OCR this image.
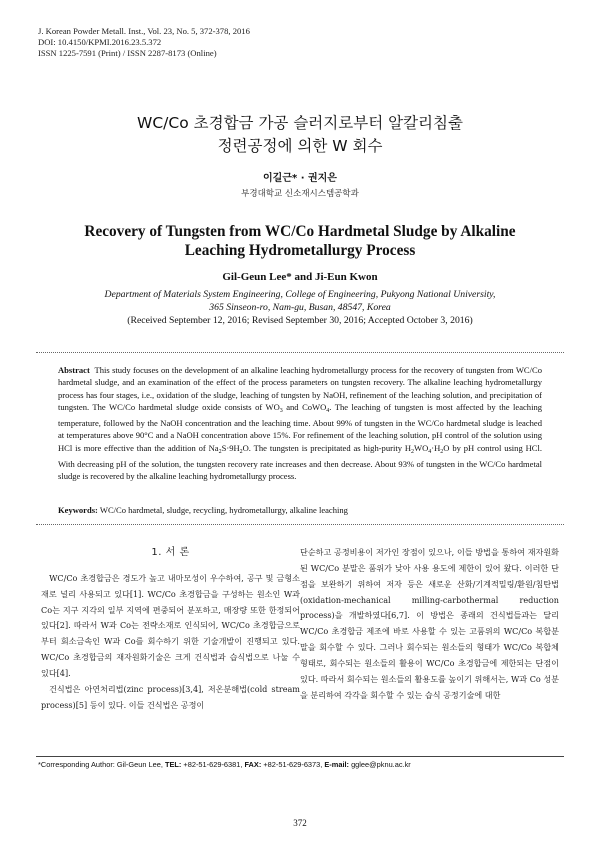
J. Korean Powder Metall. Inst., Vol. 23, No. 5, 372-378, 2016
DOI: 10.4150/KPMI.2016.23.5.372
ISSN 1225-7591 (Print) / ISSN 2287-8173 (Online)
WC/Co 초경합금 가공 슬러지로부터 알칼리침출
정련공정에 의한 W 회수
이길근* · 권지은
부경대학교 신소재시스템공학과
Recovery of Tungsten from WC/Co Hardmetal Sludge by Alkaline
Leaching Hydrometallurgy Process
Gil-Geun Lee* and Ji-Eun Kwon
Department of Materials System Engineering, College of Engineering, Pukyong National University,
365 Sinseon-ro, Nam-gu, Busan, 48547, Korea
(Received September 12, 2016; Revised September 30, 2016; Accepted October 3, 2016)
Abstract This study focuses on the development of an alkaline leaching hydrometallurgy process for the recovery of tungsten from WC/Co hardmetal sludge, and an examination of the effect of the process parameters on tungsten recovery. The alkaline leaching hydrometallurgy process has four stages, i.e., oxidation of the sludge, leaching of tungsten by NaOH, refinement of the leaching solution, and precipitation of tungsten. The WC/Co hardmetal sludge oxide consists of $WO_3$ and CoWO$_4$. The leaching of tungsten is most affected by the leaching temperature, followed by the NaOH concentration and the leaching time. About 99% of tungsten in the WC/Co hardmetal sludge is leached at temperatures above 90°C and a NaOH concentration above 15%. For refinement of the leaching solution, pH control of the solution using HCl is more effective than the addition of $Na_2S\cdot 9H_2O$. The tungsten is precipitated as high-purity $H_2WO_4\cdot H_2O$ by pH control using HCl. With decreasing pH of the solution, the tungsten recovery rate increases and then decrease. About 93% of tungsten in the WC/Co hardmetal sludge is recovered by the alkaline leaching hydrometallurgy process.
Keywords: WC/Co hardmetal, sludge, recycling, hydrometallurgy, alkaline leaching
1. 서 론

WC/Co 초경합금은 경도가 높고 내마모성이 우수하여, 공구 및 금형소재로 널리 사용되고 있다[1]. WC/Co 초경합금을 구성하는 원소인 W과 Co는 지구 지각의 일부 지역에 편중되어 분포하고, 매장량 또한 한정되어 있다[2]. 따라서 W과 Co는 전략소재로 인식되어, WC/Co 초경합금으로부터 회소금속인 W과 Co를 회수하기 위한 기술개발이 진행되고 있다. WC/Co 초경합금의 재자원화기술은 크게 건식법과 습식법으로 나눌 수 있다[4].

건식법은 아연처리법(zinc process)[3,4], 저온분해법(cold stream process)[5] 등이 있다. 이들 건식법은 공정이

단순하고 공정비용이 저가인 장점이 있으나, 이들 방법을 통하여 재자원화된 WC/Co 분말은 품위가 낮아 사용 용도에 제한이 있어 왔다. 이러한 단점을 보완하기 위하여 저자 등은 새로운 산화/기계적밀링/환원/침탄법(oxidation-mechanical milling-carbothermal reduction process)을 개발하였다[6,7]. 이 방법은 종래의 건식법들과는 달리 WC/Co 초경합금 제조에 바로 사용할 수 있는 고품위의 WC/Co 복합분말을 회수할 수 있다. 그러나 회수되는 원소들의 형태가 WC/Co 복합체 형태로, 회수되는 원소들의 활용이 WC/Co 초경합금에 제한되는 단점이 있다. 따라서 회수되는 원소들의 활용도를 높이기 위해서는, W과 Co 성분을 분리하여 각각을 회수할 수 있는 습식 공정기술에 대한

*Corresponding Author: Gil-Geun Lee, TEL: +82-51-629-6381, FAX: +82-51-629-6373, E-mail: gglee@pknu.ac.kr
372
